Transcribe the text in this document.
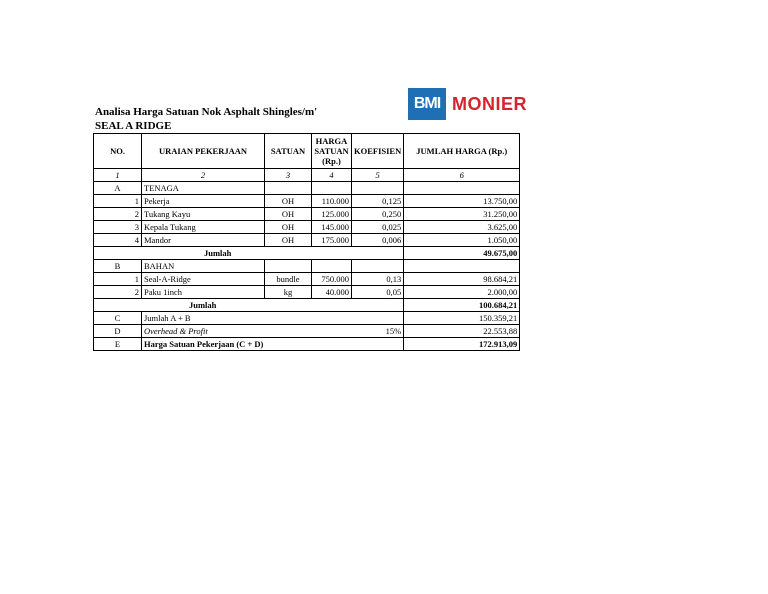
Analisa Harga Satuan Nok Asphalt Shingles/m'
SEAL A RIDGE
BMI MONIER
NO.	URAIAN PEKERJAAN	SATUAN	HARGA SATUAN (Rp.)	KOEFISIEN	JUMLAH HARGA (Rp.)
1	2	3	4	5	6
A	TENAGA				
1	Pekerja	OH	110.000	0,125	13.750,00
2	Tukang Kayu	OH	125.000	0,250	31.250,00
3	Kepala Tukang	OH	145.000	0,025	3.625,00
4	Mandor	OH	175.000	0,006	1.050,00
Jumlah					49.675,00
B	BAHAN				
1	Seal-A-Ridge	bundle	750.000	0,13	98.684,21
2	Paku 1inch	kg	40.000	0,05	2.000,00
Jumlah					100.684,21
C	Jumlah A + B				150.359,21
D	Overhead & Profit			15%	22.553,88
E	Harga Satuan Pekerjaan (C + D)				172.913,09
